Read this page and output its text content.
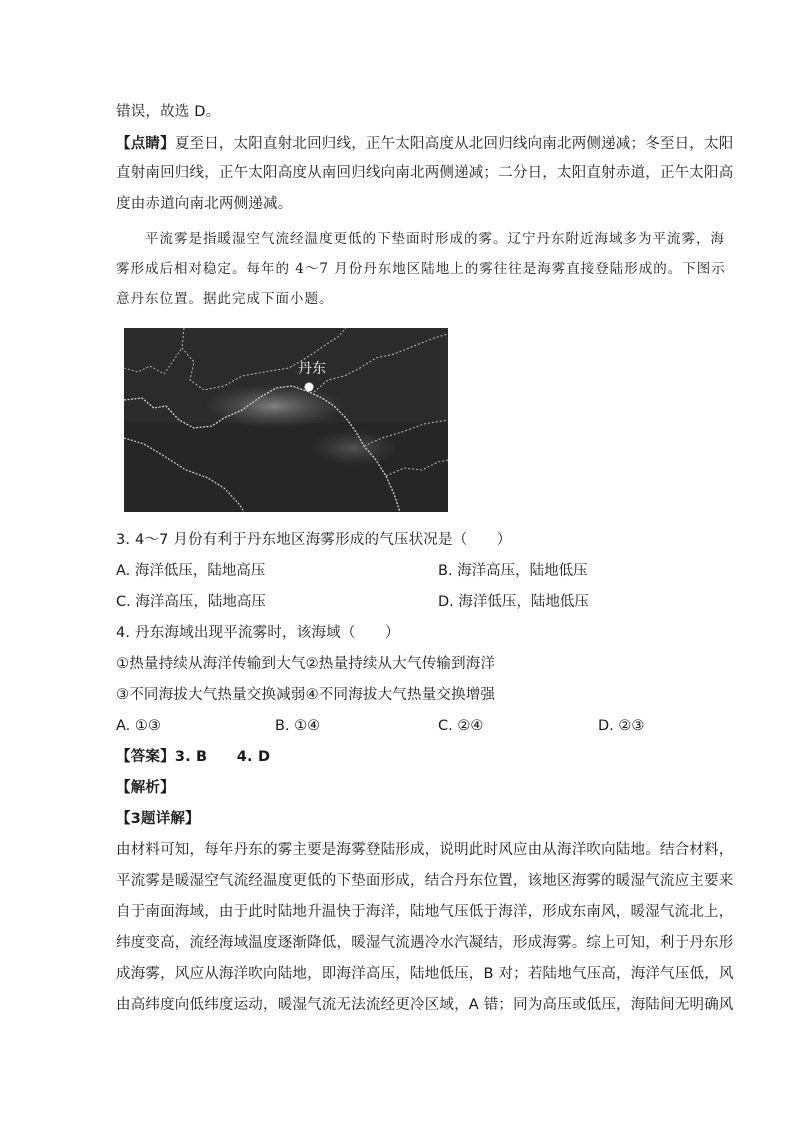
错误，故选 D。
【点睛】夏至日，太阳直射北回归线，正午太阳高度从北回归线向南北两侧递减；冬至日，太阳
直射南回归线，正午太阳高度从南回归线向南北两侧递减；二分日，太阳直射赤道，正午太阳高
度由赤道向南北两侧递减。
平流雾是指暖湿空气流经温度更低的下垫面时形成的雾。辽宁丹东附近海域多为平流雾，海
雾形成后相对稳定。每年的 4～7 月份丹东地区陆地上的雾往往是海雾直接登陆形成的。下图示
意丹东位置。据此完成下面小题。
丹东
3. 4～7 月份有利于丹东地区海雾形成的气压状况是（　　）
A. 海洋低压，陆地高压	B. 海洋高压，陆地低压
C. 海洋高压，陆地高压	D. 海洋低压，陆地低压
4. 丹东海域出现平流雾时，该海域（　　）
①热量持续从海洋传输到大气②热量持续从大气传输到海洋
③不同海拔大气热量交换减弱④不同海拔大气热量交换增强
A. ①③	B. ①④	C. ②④	D. ②③
【答案】3. B　　4. D
【解析】
【3题详解】
由材料可知，每年丹东的雾主要是海雾登陆形成，说明此时风应由从海洋吹向陆地。结合材料，
平流雾是暖湿空气流经温度更低的下垫面形成，结合丹东位置，该地区海雾的暖湿气流应主要来
自于南面海域，由于此时陆地升温快于海洋，陆地气压低于海洋，形成东南风，暖湿气流北上，
纬度变高，流经海域温度逐渐降低，暖湿气流遇冷水汽凝结，形成海雾。综上可知，利于丹东形
成海雾，风应从海洋吹向陆地，即海洋高压，陆地低压，B 对；若陆地气压高，海洋气压低，风
由高纬度向低纬度运动，暖湿气流无法流经更冷区域，A 错；同为高压或低压，海陆间无明确风
